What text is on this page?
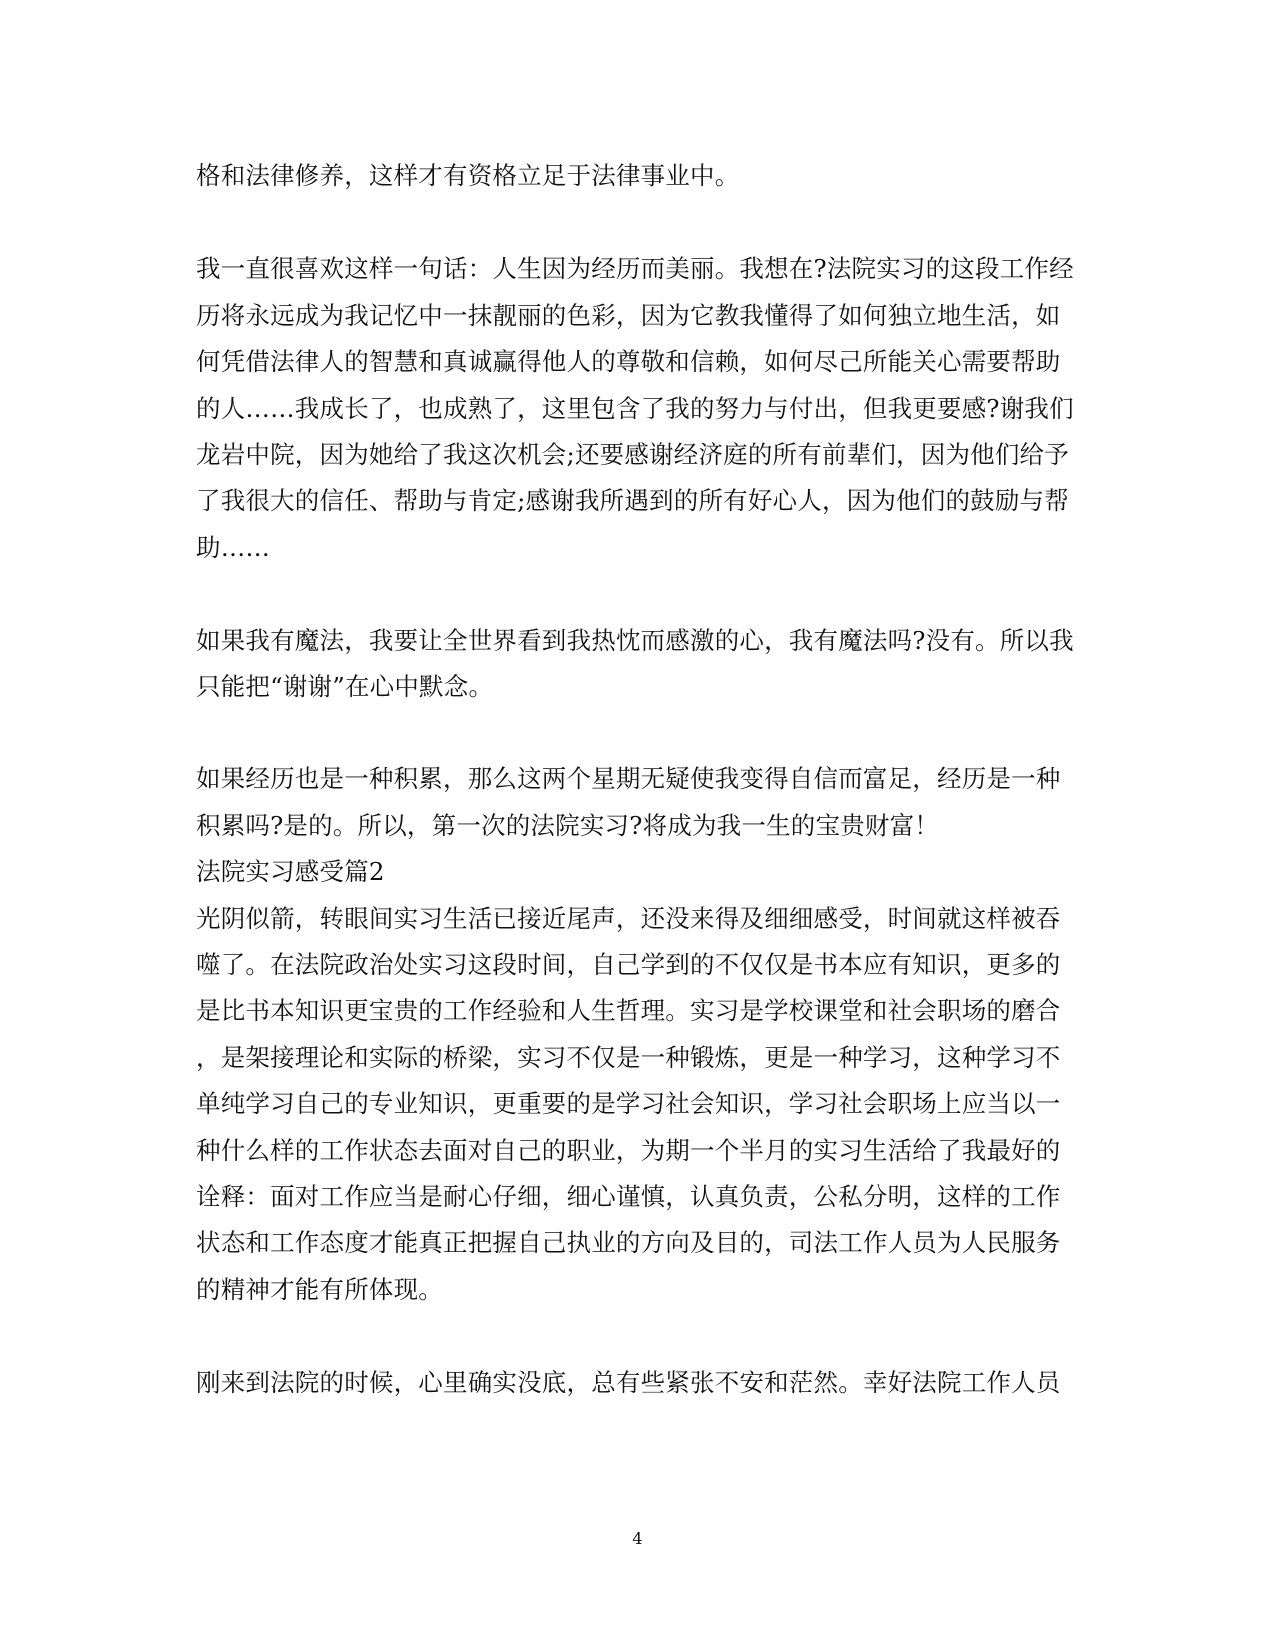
格和法律修养，这样才有资格立足于法律事业中。
我一直很喜欢这样一句话：人生因为经历而美丽。我想在?法院实习的这段工作经
历将永远成为我记忆中一抹靓丽的色彩，因为它教我懂得了如何独立地生活，如
何凭借法律人的智慧和真诚赢得他人的尊敬和信赖，如何尽己所能关心需要帮助
的人……我成长了，也成熟了，这里包含了我的努力与付出，但我更要感?谢我们
龙岩中院，因为她给了我这次机会;还要感谢经济庭的所有前辈们，因为他们给予
了我很大的信任、帮助与肯定;感谢我所遇到的所有好心人，因为他们的鼓励与帮
助……
如果我有魔法，我要让全世界看到我热忱而感激的心，我有魔法吗?没有。所以我
只能把“谢谢”在心中默念。
如果经历也是一种积累，那么这两个星期无疑使我变得自信而富足，经历是一种
积累吗?是的。所以，第一次的法院实习?将成为我一生的宝贵财富！
法院实习感受篇2
光阴似箭，转眼间实习生活已接近尾声，还没来得及细细感受，时间就这样被吞
噬了。在法院政治处实习这段时间，自己学到的不仅仅是书本应有知识，更多的
是比书本知识更宝贵的工作经验和人生哲理。实习是学校课堂和社会职场的磨合
，是架接理论和实际的桥梁，实习不仅是一种锻炼，更是一种学习，这种学习不
单纯学习自己的专业知识，更重要的是学习社会知识，学习社会职场上应当以一
种什么样的工作状态去面对自己的职业，为期一个半月的实习生活给了我最好的
诠释：面对工作应当是耐心仔细，细心谨慎，认真负责，公私分明，这样的工作
状态和工作态度才能真正把握自己执业的方向及目的，司法工作人员为人民服务
的精神才能有所体现。
刚来到法院的时候，心里确实没底，总有些紧张不安和茫然。幸好法院工作人员
4
